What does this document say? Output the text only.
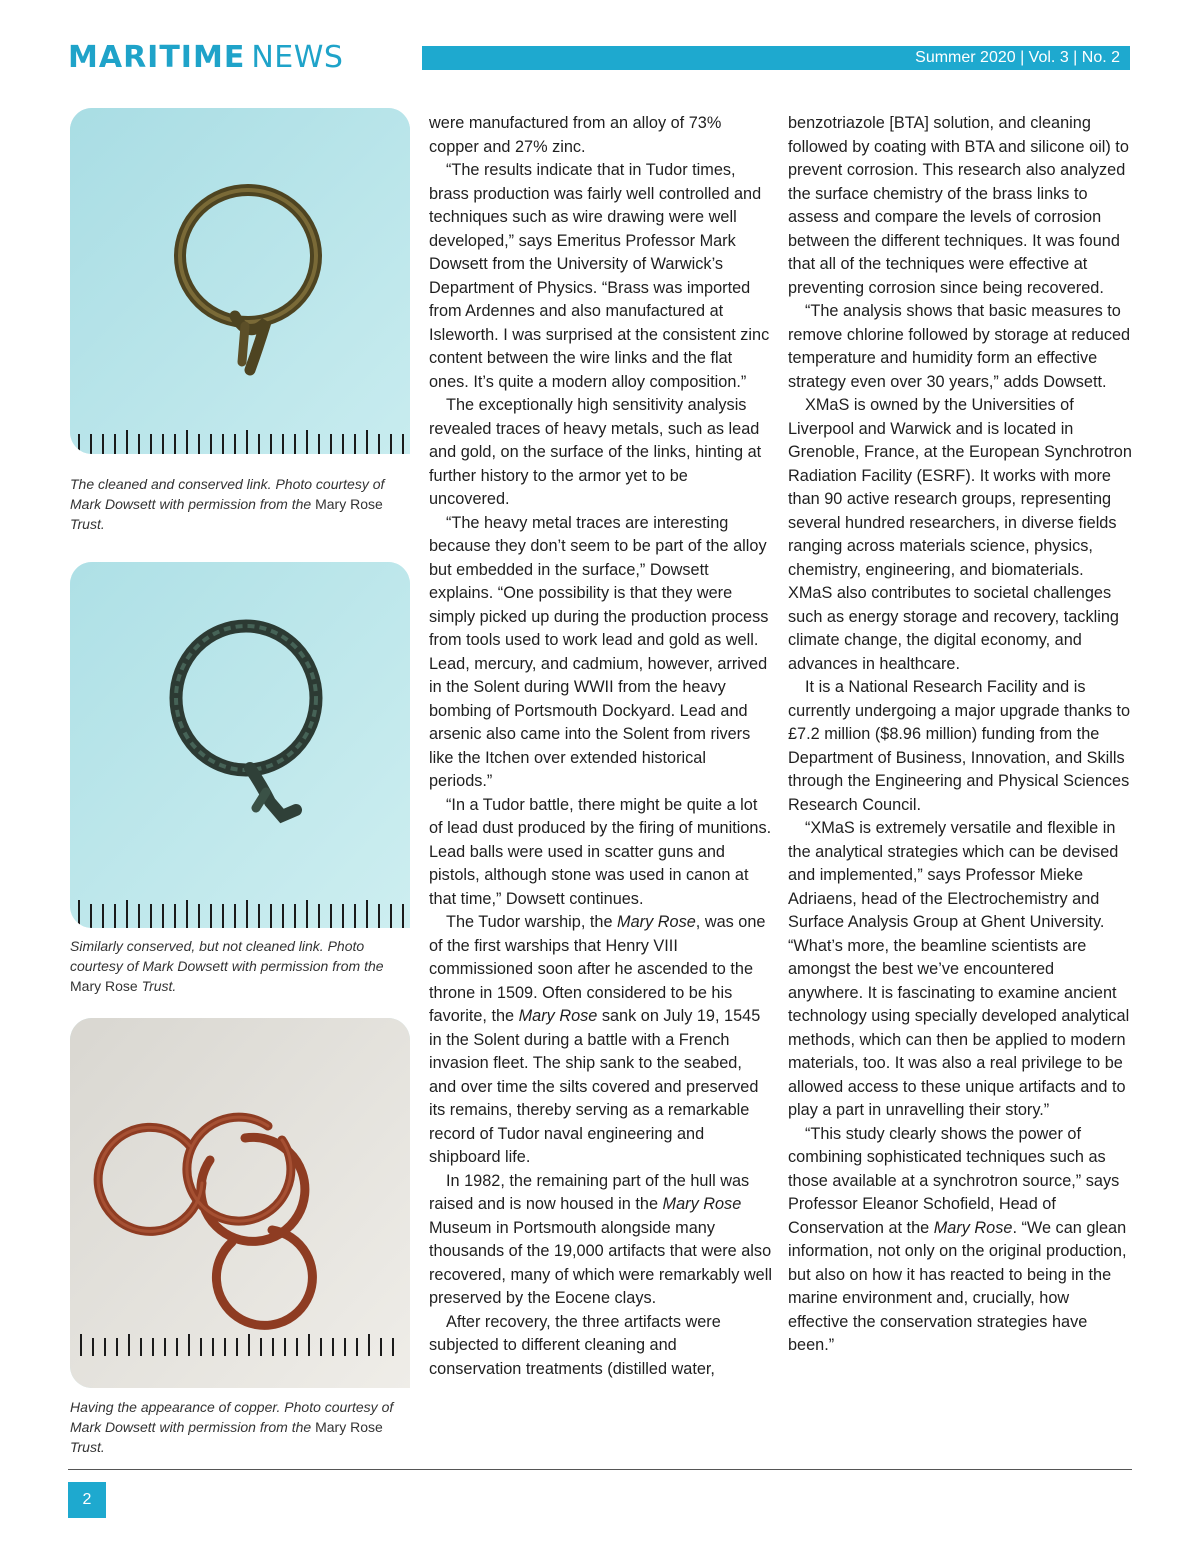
MARITIME NEWS	Summer 2020 | Vol. 3 | No. 2
The cleaned and conserved link. Photo courtesy of Mark Dowsett with permission from the Mary Rose Trust.
Similarly conserved, but not cleaned link. Photo courtesy of Mark Dowsett with permission from the Mary Rose Trust.
Having the appearance of copper. Photo courtesy of Mark Dowsett with permission from the Mary Rose Trust.

were manufactured from an alloy of 73% copper and 27% zinc.

“The results indicate that in Tudor times, brass production was fairly well controlled and techniques such as wire drawing were well developed,” says Emeritus Professor Mark Dowsett from the University of Warwick’s Department of Physics. “Brass was imported from Ardennes and also manufactured at Isleworth. I was surprised at the consistent zinc content between the wire links and the flat ones. It’s quite a modern alloy composition.”

The exceptionally high sensitivity analysis revealed traces of heavy metals, such as lead and gold, on the surface of the links, hinting at further history to the armor yet to be uncovered.

“The heavy metal traces are interesting because they don’t seem to be part of the alloy but embedded in the surface,” Dowsett explains. “One possibility is that they were simply picked up during the production process from tools used to work lead and gold as well. Lead, mercury, and cadmium, however, arrived in the Solent during WWII from the heavy bombing of Portsmouth Dockyard. Lead and arsenic also came into the Solent from rivers like the Itchen over extended historical periods.”

“In a Tudor battle, there might be quite a lot of lead dust produced by the firing of munitions. Lead balls were used in scatter guns and pistols, although stone was used in canon at that time,” Dowsett continues.

The Tudor warship, the Mary Rose, was one of the first warships that Henry VIII commissioned soon after he ascended to the throne in 1509. Often considered to be his favorite, the Mary Rose sank on July 19, 1545 in the Solent during a battle with a French invasion fleet. The ship sank to the seabed, and over time the silts covered and preserved its remains, thereby serving as a remarkable record of Tudor naval engineering and shipboard life.

In 1982, the remaining part of the hull was raised and is now housed in the Mary Rose Museum in Portsmouth alongside many thousands of the 19,000 artifacts that were also recovered, many of which were remarkably well preserved by the Eocene clays.

After recovery, the three artifacts were subjected to different cleaning and conservation treatments (distilled water,

benzotriazole [BTA] solution, and cleaning followed by coating with BTA and silicone oil) to prevent corrosion. This research also analyzed the surface chemistry of the brass links to assess and compare the levels of corrosion between the different techniques. It was found that all of the techniques were effective at preventing corrosion since being recovered.

“The analysis shows that basic measures to remove chlorine followed by storage at reduced temperature and humidity form an effective strategy even over 30 years,” adds Dowsett.

XMaS is owned by the Universities of Liverpool and Warwick and is located in Grenoble, France, at the European Synchrotron Radiation Facility (ESRF). It works with more than 90 active research groups, representing several hundred researchers, in diverse fields ranging across materials science, physics, chemistry, engineering, and biomaterials. XMaS also contributes to societal challenges such as energy storage and recovery, tackling climate change, the digital economy, and advances in healthcare.

It is a National Research Facility and is currently undergoing a major upgrade thanks to £7.2 million ($8.96 million) funding from the Department of Business, Innovation, and Skills through the Engineering and Physical Sciences Research Council.

“XMaS is extremely versatile and flexible in the analytical strategies which can be devised and implemented,” says Professor Mieke Adriaens, head of the Electrochemistry and Surface Analysis Group at Ghent University. “What’s more, the beamline scientists are amongst the best we’ve encountered anywhere. It is fascinating to examine ancient technology using specially developed analytical methods, which can then be applied to modern materials, too. It was also a real privilege to be allowed access to these unique artifacts and to play a part in unravelling their story.”

“This study clearly shows the power of combining sophisticated techniques such as those available at a synchrotron source,” says Professor Eleanor Schofield, Head of Conservation at the Mary Rose. “We can glean information, not only on the original production, but also on how it has reacted to being in the marine environment and, crucially, how effective the conservation strategies have been.”

2
